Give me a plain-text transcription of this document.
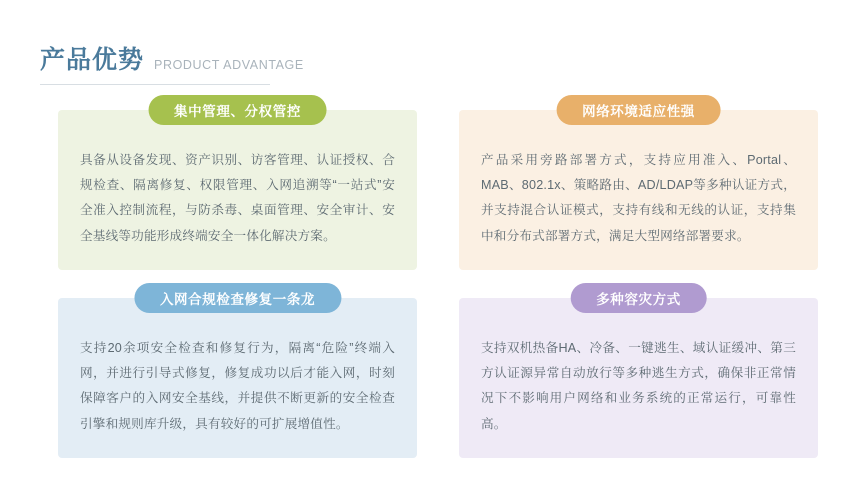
产品优势 PRODUCT ADVANTAGE
集中管理、分权管控
具备从设备发现、资产识别、访客管理、认证授权、合规检查、隔离修复、权限管理、入网追溯等“一站式”安全准入控制流程，与防杀毒、桌面管理、安全审计、安全基线等功能形成终端安全一体化解决方案。
网络环境适应性强
产品采用旁路部署方式，支持应用准入、Portal、MAB、802.1x、策略路由、AD/LDAP等多种认证方式，并支持混合认证模式，支持有线和无线的认证，支持集中和分布式部署方式，满足大型网络部署要求。
入网合规检查修复一条龙
支持20余项安全检查和修复行为，隔离“危险”终端入网，并进行引导式修复，修复成功以后才能入网，时刻保障客户的入网安全基线，并提供不断更新的安全检查引擎和规则库升级，具有较好的可扩展增值性。
多种容灾方式
支持双机热备HA、冷备、一键逃生、域认证缓冲、第三方认证源异常自动放行等多种逃生方式，确保非正常情况下不影响用户网络和业务系统的正常运行，可靠性高。
